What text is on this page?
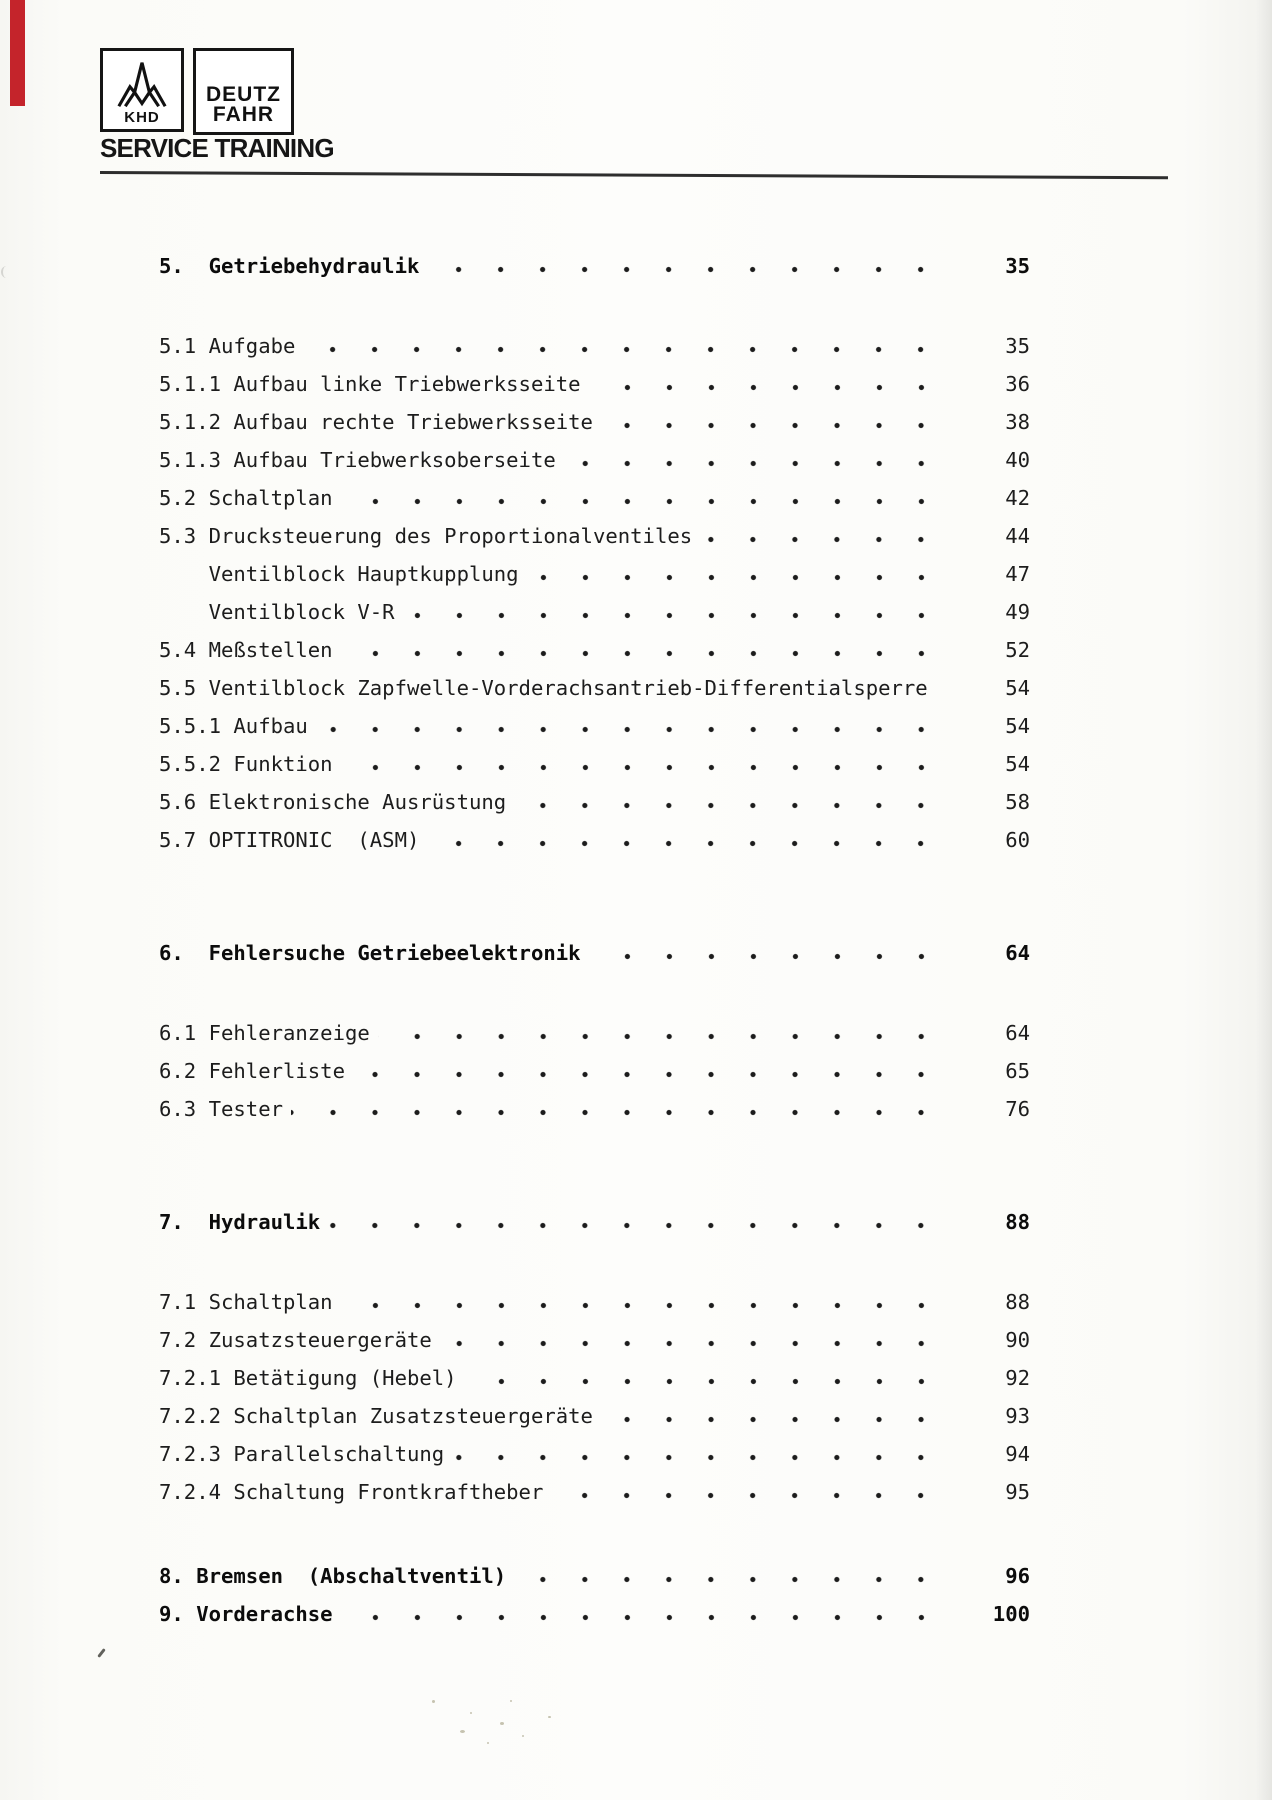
KHD
DEUTZ
FAHR
SERVICE TRAINING
5.  Getriebehydraulik	35
5.1 Aufgabe	35
5.1.1 Aufbau linke Triebwerksseite	36
5.1.2 Aufbau rechte Triebwerksseite	38
5.1.3 Aufbau Triebwerksoberseite	40
5.2 Schaltplan	42
5.3 Drucksteuerung des Proportionalventiles	44
Ventilblock Hauptkupplung	47
Ventilblock V-R	49
5.4 Meßstellen	52
5.5 Ventilblock Zapfwelle-Vorderachsantrieb-Differentialsperre	54
5.5.1 Aufbau	54
5.5.2 Funktion	54
5.6 Elektronische Ausrüstung	58
5.7 OPTITRONIC  (ASM)	60
6.  Fehlersuche Getriebeelektronik	64
6.1 Fehleranzeige	64
6.2 Fehlerliste	65
6.3 Tester	76
7.  Hydraulik	88
7.1 Schaltplan	88
7.2 Zusatzsteuergeräte	90
7.2.1 Betätigung (Hebel)	92
7.2.2 Schaltplan Zusatzsteuergeräte	93
7.2.3 Parallelschaltung	94
7.2.4 Schaltung Frontkraftheber	95
8. Bremsen  (Abschaltventil)	96
9. Vorderachse	100
